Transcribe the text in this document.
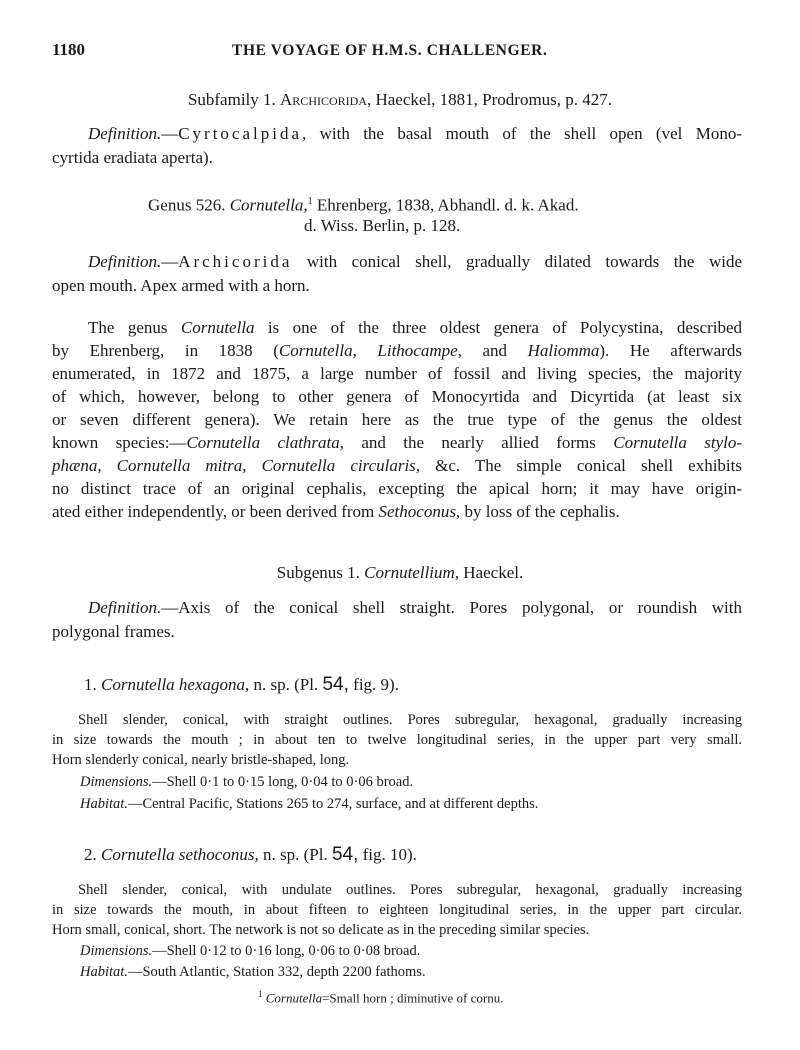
1180	THE VOYAGE OF H.M.S. CHALLENGER.
Subfamily 1. Archicorida, Haeckel, 1881, Prodromus, p. 427.
Definition.—Cyrtocalpida, with the basal mouth of the shell open (vel Mono-
cyrtida eradiata aperta).
Genus 526. Cornutella,$^1$ Ehrenberg, 1838, Abhandl. d. k. Akad.
d. Wiss. Berlin, p. 128.
Definition.—Archicorida with conical shell, gradually dilated towards the wide
open mouth. Apex armed with a horn.
The genus Cornutella is one of the three oldest genera of Polycystina, described
by Ehrenberg, in 1838 (Cornutella, Lithocampe, and Haliomma). He afterwards
enumerated, in 1872 and 1875, a large number of fossil and living species, the majority
of which, however, belong to other genera of Monocyrtida and Dicyrtida (at least six
or seven different genera). We retain here as the true type of the genus the oldest
known species:—Cornutella clathrata, and the nearly allied forms Cornutella stylo-
phæna, Cornutella mitra, Cornutella circularis, &c. The simple conical shell exhibits
no distinct trace of an original cephalis, excepting the apical horn; it may have origin-
ated either independently, or been derived from Sethoconus, by loss of the cephalis.
Subgenus 1. Cornutellium, Haeckel.
Definition.—Axis of the conical shell straight. Pores polygonal, or roundish with
polygonal frames.
1. Cornutella hexagona, n. sp. (Pl. 54, fig. 9).
Shell slender, conical, with straight outlines. Pores subregular, hexagonal, gradually increasing
in size towards the mouth ; in about ten to twelve longitudinal series, in the upper part very small.
Horn slenderly conical, nearly bristle-shaped, long.
Dimensions.—Shell 0·1 to 0·15 long, 0·04 to 0·06 broad.
Habitat.—Central Pacific, Stations 265 to 274, surface, and at different depths.
2. Cornutella sethoconus, n. sp. (Pl. 54, fig. 10).
Shell slender, conical, with undulate outlines. Pores subregular, hexagonal, gradually increasing
in size towards the mouth, in about fifteen to eighteen longitudinal series, in the upper part circular.
Horn small, conical, short. The network is not so delicate as in the preceding similar species.
Dimensions.—Shell 0·12 to 0·16 long, 0·06 to 0·08 broad.
Habitat.—South Atlantic, Station 332, depth 2200 fathoms.
$^1$ Cornutella=Small horn ; diminutive of cornu.
